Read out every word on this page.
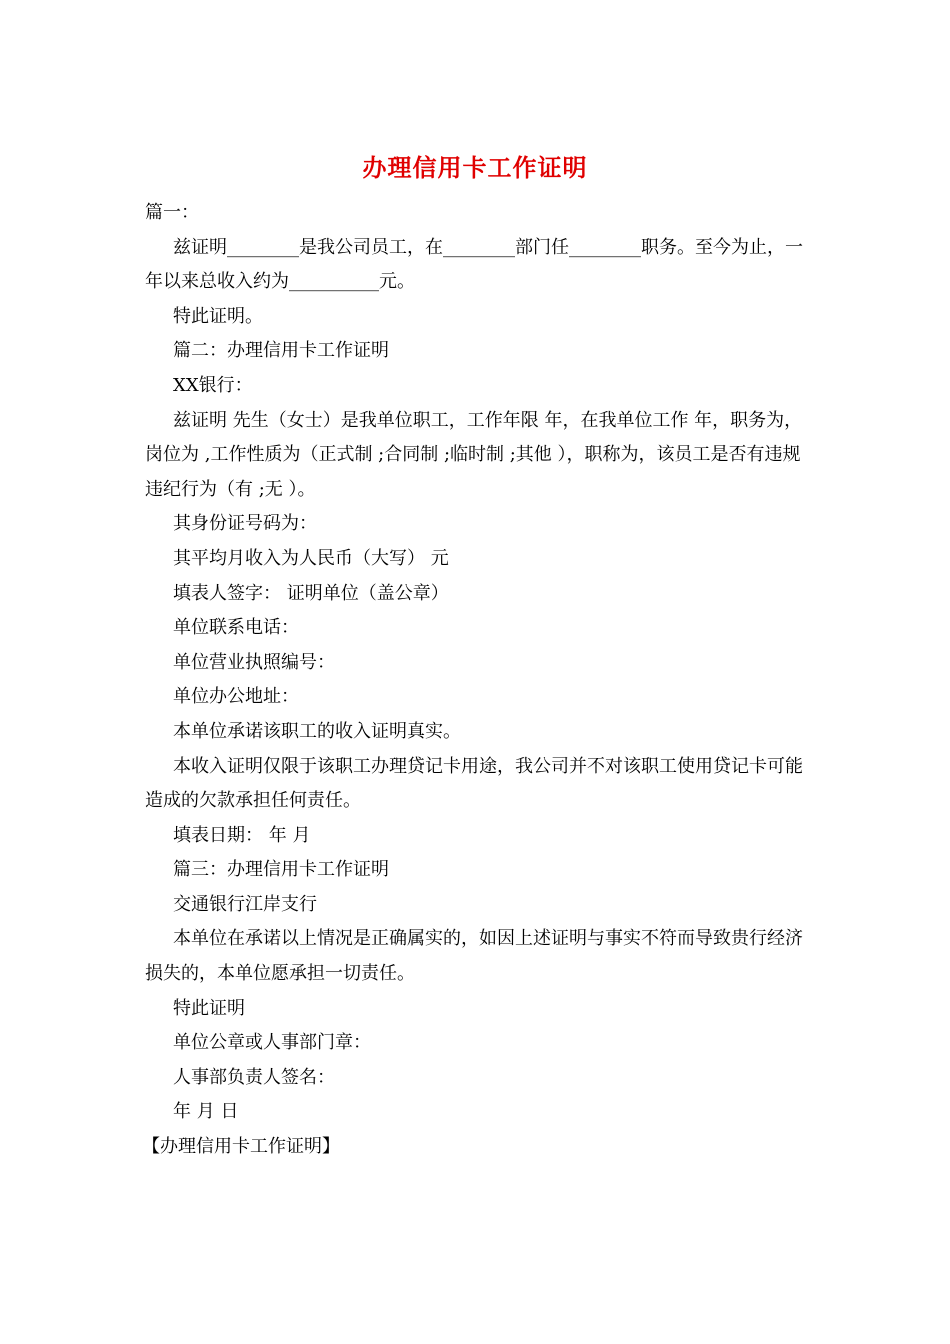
办理信用卡工作证明

篇一：

兹证明________是我公司员工，在________部门任________职务。至今为止，一年以来总收入约为__________元。

特此证明。

篇二：办理信用卡工作证明

XX银行：

兹证明 先生（女士）是我单位职工，工作年限 年，在我单位工作 年，职务为，岗位为 ,工作性质为（正式制 ;合同制 ;临时制 ;其他 ），职称为，该员工是否有违规违纪行为（有 ;无 ）。

其身份证号码为：

其平均月收入为人民币（大写） 元

填表人签字： 证明单位（盖公章）

单位联系电话：

单位营业执照编号：

单位办公地址：

本单位承诺该职工的收入证明真实。

本收入证明仅限于该职工办理贷记卡用途，我公司并不对该职工使用贷记卡可能造成的欠款承担任何责任。

填表日期： 年 月

篇三：办理信用卡工作证明

交通银行江岸支行

本单位在承诺以上情况是正确属实的，如因上述证明与事实不符而导致贵行经济损失的，本单位愿承担一切责任。

特此证明

单位公章或人事部门章：

人事部负责人签名：

年 月 日

【办理信用卡工作证明】
